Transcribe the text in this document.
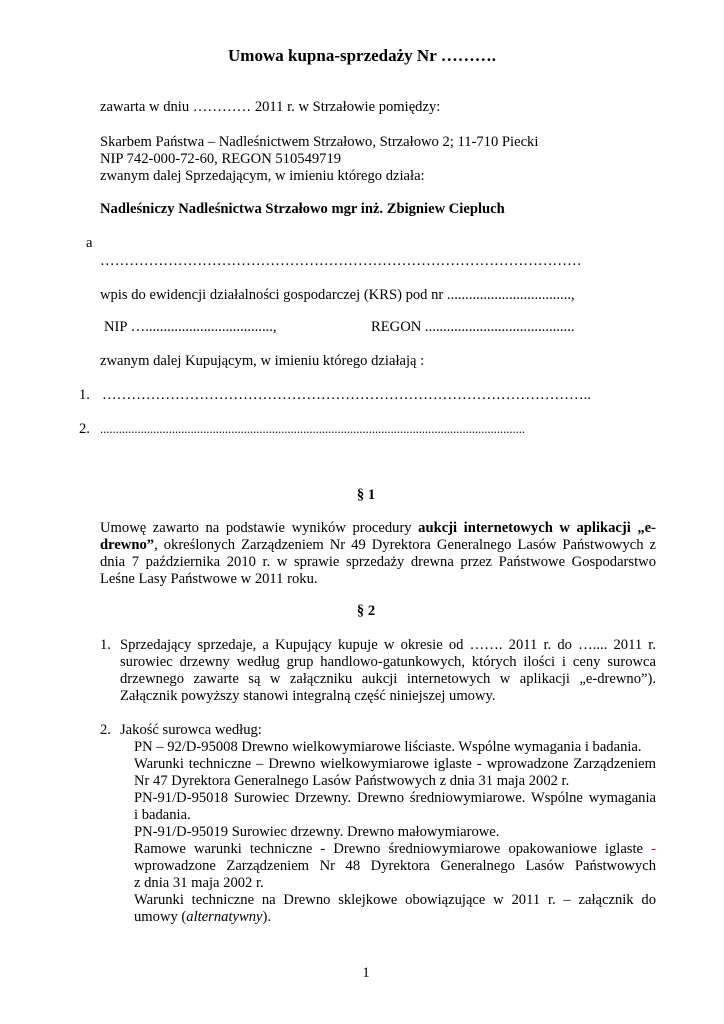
Umowa kupna-sprzedaży Nr ……….
zawarta w dniu ………… 2011 r. w Strzałowie pomiędzy:
Skarbem Państwa – Nadleśnictwem Strzałowo, Strzałowo 2; 11-710 Piecki
NIP 742-000-72-60, REGON 510549719
zwanym dalej Sprzedającym, w imieniu którego działa:
Nadleśniczy Nadleśnictwa Strzałowo mgr inż. Zbigniew Ciepluch
a
………………………………………………………………………………………
wpis do ewidencji działalności gospodarczej (KRS) pod nr ..................................,
NIP …...................................,	REGON .........................................
zwanym dalej Kupującym, w imieniu którego działają :
1. ………………………………………………………………………………………..
2. ........................................................................................................................................
§ 1
Umowę zawarto na podstawie wyników procedury aukcji internetowych w aplikacji „e-
drewno”, określonych Zarządzeniem Nr 49 Dyrektora Generalnego Lasów Państwowych z
dnia 7 października 2010 r. w sprawie sprzedaży drewna przez Państwowe Gospodarstwo
Leśne Lasy Państwowe w 2011 roku.
§ 2
1. Sprzedający sprzedaje, a Kupujący kupuje w okresie od ……. 2011 r. do ….... 2011 r.
surowiec drzewny według grup handlowo-gatunkowych, których ilości i ceny surowca
drzewnego zawarte są w załączniku aukcji internetowych w aplikacji „e-drewno”).
Załącznik powyższy stanowi integralną część niniejszej umowy.
2. Jakość surowca według:
PN – 92/D-95008 Drewno wielkowymiarowe liściaste. Wspólne wymagania i badania.
Warunki techniczne – Drewno wielkowymiarowe iglaste - wprowadzone Zarządzeniem
Nr 47 Dyrektora Generalnego Lasów Państwowych z dnia 31 maja 2002 r.
PN-91/D-95018 Surowiec Drzewny. Drewno średniowymiarowe. Wspólne wymagania
i badania.
PN-91/D-95019 Surowiec drzewny. Drewno małowymiarowe.
Ramowe warunki techniczne - Drewno średniowymiarowe opakowaniowe iglaste -
wprowadzone Zarządzeniem Nr 48 Dyrektora Generalnego Lasów Państwowych
z dnia 31 maja 2002 r.
Warunki techniczne na Drewno sklejkowe obowiązujące w 2011 r. – załącznik do
umowy (alternatywny).
1
